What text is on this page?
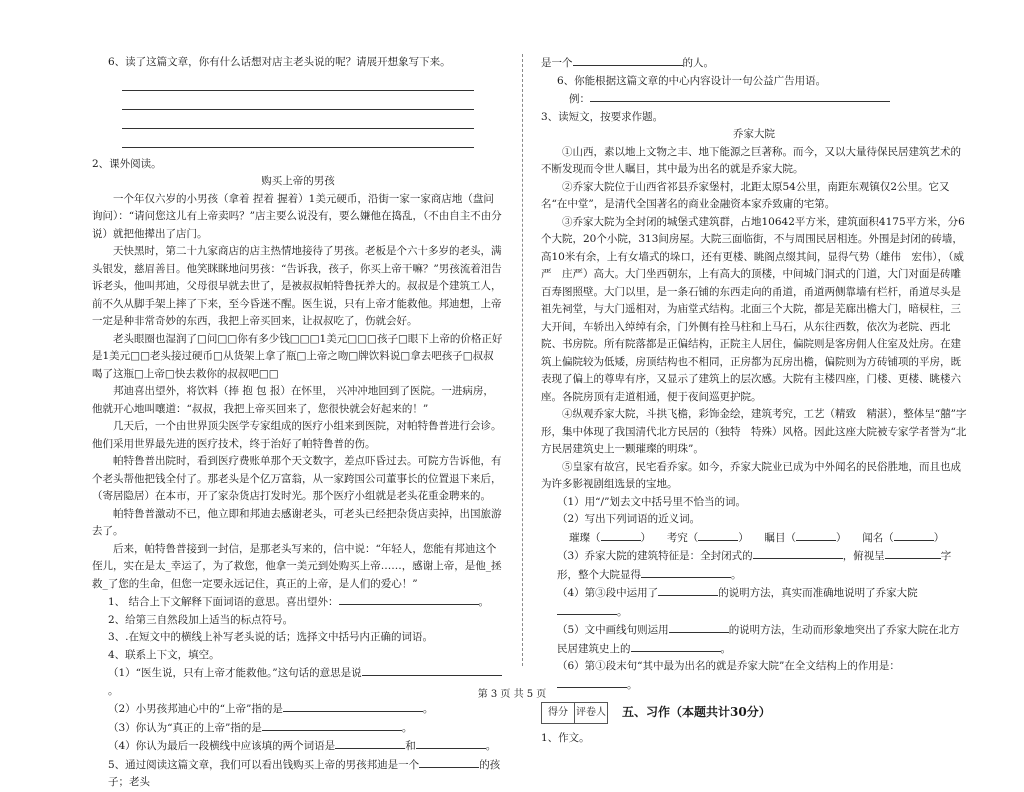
6、读了这篇文章，你有什么话想对店主老头说的呢？请展开想象写下来。

2、课外阅读。

购买上帝的男孩

一个年仅六岁的小男孩（拿着 捏着 握着）1美元硬币，沿街一家一家商店地（盘问 询问）：“请问您这儿有上帝卖吗？”店主要么说没有，要么嫌他在捣乱，（不由自主不由分说）就把他撵出了店门。

天快黑时，第二十九家商店的店主热情地接待了男孩。老板是个六十多岁的老头，满头银发，慈眉善目。他笑眯眯地问男孩：“告诉我，孩子，你买上帝干嘛？”男孩流着泪告诉老头，他叫邦迪，父母很早就去世了，是被叔叔帕特鲁抚养大的。叔叔是个建筑工人，前不久从脚手架上摔了下来，至今昏迷不醒。医生说，只有上帝才能救他。邦迪想，上帝一定是种非常奇妙的东西，我把上帝买回来，让叔叔吃了，伤就会好。

老头眼圈也湿润了□问□□你有多少钱□□□1美元□□□孩子□眼下上帝的价格正好是1美元□□老头接过硬币□从货架上拿了瓶□上帝之吻□牌饮料说□拿去吧孩子□叔叔喝了这瓶□上帝□快去救你的叔叔吧□□

邦迪喜出望外，将饮料（捧 抱 包 报）在怀里， 兴冲冲地回到了医院。一进病房，他就开心地叫嚷道：“叔叔，我把上帝买回来了，您很快就会好起来的！”

几天后，一个由世界顶尖医学专家组成的医疗小组来到医院，对帕特鲁普进行会诊。他们采用世界最先进的医疗技术，终于治好了帕特鲁普的伤。

帕特鲁普出院时，看到医疗费账单那个天文数字，差点吓昏过去。可院方告诉他，有个老头帮他把钱全付了。那老头是个亿万富翁，从一家跨国公司董事长的位置退下来后，（寄居隐居）在本市，开了家杂货店打发时光。那个医疗小组就是老头花重金聘来的。

帕特鲁普激动不已，他立即和邦迪去感谢老头，可老头已经把杂货店卖掉，出国旅游去了。

后来，帕特鲁普接到一封信，是那老头写来的，信中说：“年轻人，您能有邦迪这个侄儿，实在是太_幸运了，为了救您，他拿一美元到处购买上帝……，感谢上帝，是他_拯救_了您的生命，但您一定要永远记住，真正的上帝，是人们的爱心！”

1、 结合上下文解释下面词语的意思。喜出望外：	。

2、给第三自然段加上适当的标点符号。

3、.在短文中的横线上补写老头说的话；选择文中括号内正确的词语。

4、联系上下文，填空。

（1）“医生说，只有上帝才能救他。”这句话的意思是说。

（2）小男孩邦迪心中的“上帝”指的是	。

（3）你认为“真正的上帝”指的是	。

（4）你认为最后一段横线中应该填的两个词语是	和	。

5、通过阅读这篇文章，我们可以看出钱购买上帝的男孩邦迪是一个	的孩子；老头

是一个	的人。

6、你能根据这篇文章的中心内容设计一句公益广告用语。

例：

3、读短文，按要求作题。

乔家大院

①山西，素以地上文物之丰、地下能源之巨著称。而今，又以大量待保民居建筑艺术的不断发现而令世人瞩目，其中最为出名的就是乔家大院。

②乔家大院位于山西省祁县乔家堡村，北距太原54公里，南距东观镇仅2公里。它又名“在中堂”，是清代全国著名的商业金融资本家乔致庸的宅第。

③乔家大院为全封闭的城堡式建筑群，占地10642平方米，建筑面积4175平方米，分6个大院，20个小院，313间房屋。大院三面临街，不与周围民居相连。外围是封闭的砖墙，高10米有余，上有女墙式的垛口，还有更楼、眺阁点缀其间，显得气势（雄伟　宏伟），（威严　庄严）高大。大门坐西朝东，上有高大的顶楼，中间城门洞式的门道，大门对面是砖雕百寿图照壁。大门以里，是一条石铺的东西走向的甬道，甬道两侧靠墙有栏杆，甬道尽头是祖先祠堂，与大门遥相对，为庙堂式结构。北面三个大院，都是芜廊出檐大门，暗棂柱，三大开间，车轿出入绰绰有余，门外侧有拴马柱和上马石，从东往西数，依次为老院、西北院、书房院。所有院落都是正偏结构，正院主人居住，偏院则是客房佣人住室及灶房。在建筑上偏院较为低矮，房顶结构也不相同，正房都为瓦房出檐，偏院则为方砖铺项的平房，既表现了偏上的尊卑有序，又显示了建筑上的层次感。大院有主楼四座，门楼、更楼、眺楼六座。各院房顶有走道相通，便于夜间巡更护院。

④纵观乔家大院，斗拱飞檐，彩饰金绘，建筑考究，工艺（精致　精湛），整体呈“囍”字形，集中体现了我国清代北方民居的（独特　特殊）风格。因此这座大院被专家学者誉为“北方民居建筑史上一颗璀璨的明珠”。

⑤皇家有故宫，民宅看乔家。如今，乔家大院业已成为中外闻名的民俗胜地，而且也成为许多影视剧组选景的宝地。

（1）用“/”划去文中括号里不恰当的词。

（2）写出下列词语的近义词。

璀璨（	）　　考究（	）　　瞩目（	）　　闻名（	）

（3）乔家大院的建筑特征是：全封闭式的	，俯视呈	字形，整个大院显得	。

（4）第③段中运用了	的说明方法，真实而准确地说明了乔家大院。

（5）文中画线句则运用	的说明方法，生动而形象地突出了乔家大院在北方民居建筑史上的	。

（6）第①段末句“其中最为出名的就是乔家大院”在全文结构上的作用是：。

得分 评卷人 五、习作（本题共计30分）

1、作文。

第 3 页 共 5 页
